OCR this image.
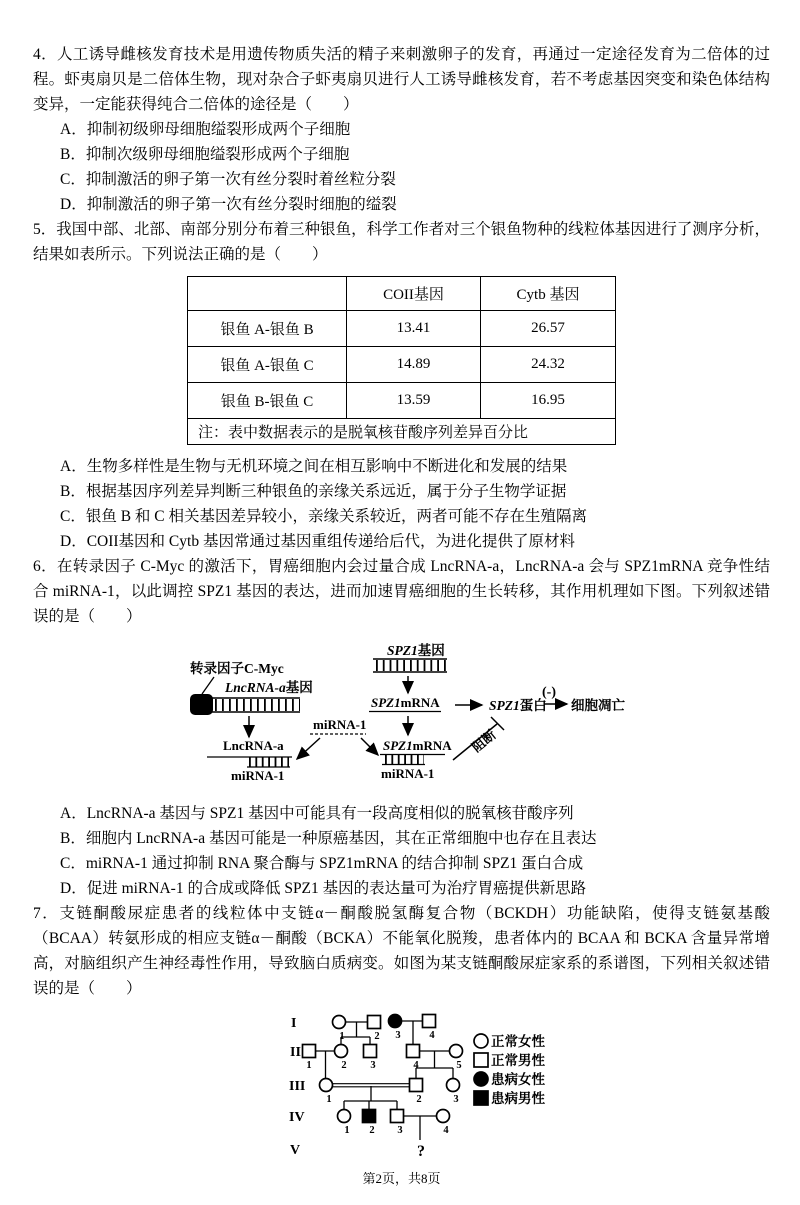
4．人工诱导雌核发育技术是用遗传物质失活的精子来刺激卵子的发育，再通过一定途径发育为二倍体的过程。虾夷扇贝是二倍体生物，现对杂合子虾夷扇贝进行人工诱导雌核发育，若不考虑基因突变和染色体结构变异，一定能获得纯合二倍体的途径是（　　）

A．抑制初级卵母细胞缢裂形成两个子细胞

B．抑制次级卵母细胞缢裂形成两个子细胞

C．抑制激活的卵子第一次有丝分裂时着丝粒分裂

D．抑制激活的卵子第一次有丝分裂时细胞的缢裂

5．我国中部、北部、南部分别分布着三种银鱼，科学工作者对三个银鱼物种的线粒体基因进行了测序分析，结果如表所示。下列说法正确的是（　　）

	COII基因	Cytb 基因
银鱼 A-银鱼 B	13.41	26.57
银鱼 A-银鱼 C	14.89	24.32
银鱼 B-银鱼 C	13.59	16.95
注：表中数据表示的是脱氧核苷酸序列差异百分比		

A．生物多样性是生物与无机环境之间在相互影响中不断进化和发展的结果

B．根据基因序列差异判断三种银鱼的亲缘关系远近，属于分子生物学证据

C．银鱼 B 和 C 相关基因差异较小，亲缘关系较近，两者可能不存在生殖隔离

D．COII基因和 Cytb 基因常通过基因重组传递给后代，为进化提供了原材料

6．在转录因子 C-Myc 的激活下，胃癌细胞内会过量合成 LncRNA-a，LncRNA-a 会与 SPZ1mRNA 竞争性结合 miRNA-1，以此调控 SPZ1 基因的表达，进而加速胃癌细胞的生长转移，其作用机理如下图。下列叙述错误的是（　　）

转录因子C-Myc
LncRNA-a基因
LncRNA-a
miRNA-1
miRNA-1
SPZ1基因
SPZ1mRNA	SPZ1蛋白
(-)
细胞凋亡
SPZ1mRNA
miRNA-1
阻断

A．LncRNA-a 基因与 SPZ1 基因中可能具有一段高度相似的脱氧核苷酸序列

B．细胞内 LncRNA-a 基因可能是一种原癌基因，其在正常细胞中也存在且表达

C．miRNA-1 通过抑制 RNA 聚合酶与 SPZ1mRNA 的结合抑制 SPZ1 蛋白合成

D．促进 miRNA-1 的合成或降低 SPZ1 基因的表达量可为治疗胃癌提供新思路

7．支链酮酸尿症患者的线粒体中支链α－酮酸脱氢酶复合物（BCKDH）功能缺陷，使得支链氨基酸（BCAA）转氨形成的相应支链α－酮酸（BCKA）不能氧化脱羧，患者体内的 BCAA 和 BCKA 含量异常增高，对脑组织产生神经毒性作用，导致脑白质病变。如图为某支链酮酸尿症家系的系谱图，下列相关叙述错误的是（　　）

I
II
III
IV
V
1	2 3	4
1	2 3	4	5
1	2	3
1 2 3	4
?
正常女性
正常男性
患病女性
患病男性
第2页，共8页
